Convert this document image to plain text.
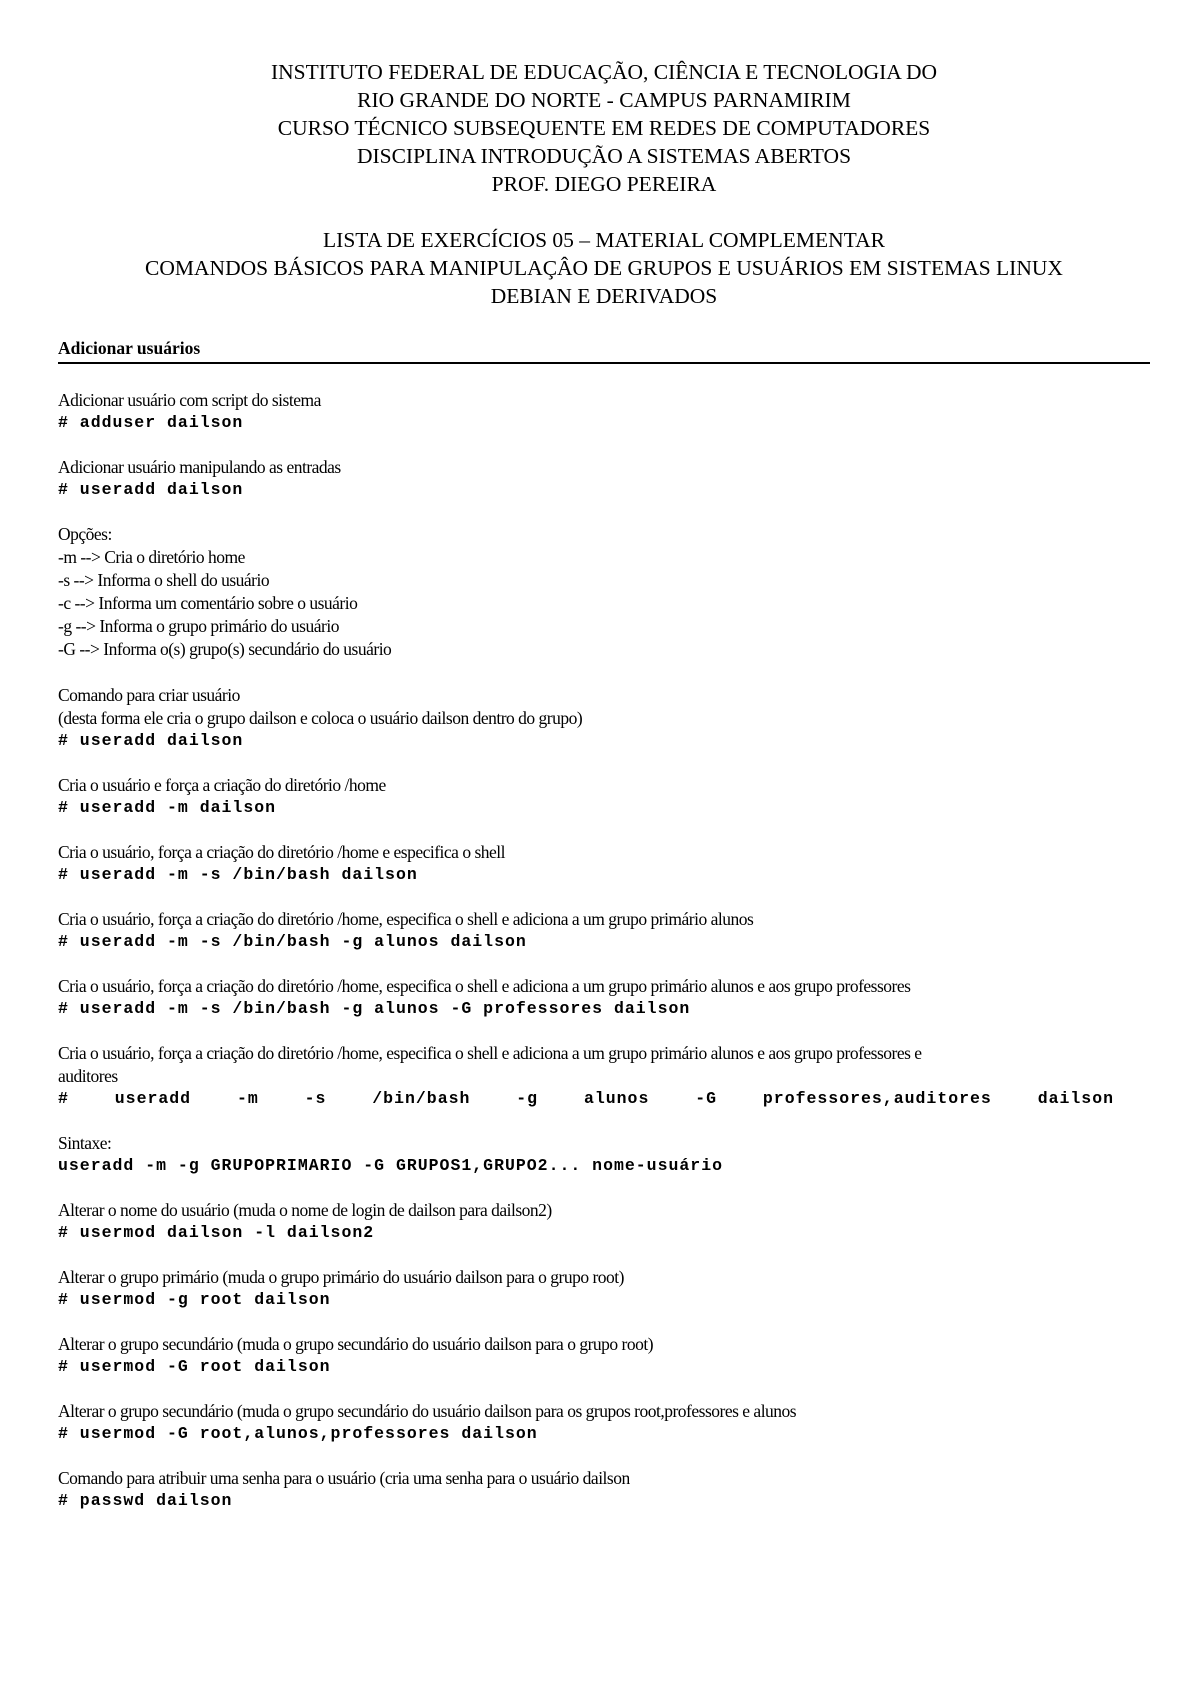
INSTITUTO FEDERAL DE EDUCAÇÃO, CIÊNCIA E TECNOLOGIA DO
RIO GRANDE DO NORTE - CAMPUS PARNAMIRIM
CURSO TÉCNICO SUBSEQUENTE EM REDES DE COMPUTADORES
DISCIPLINA INTRODUÇÃO A SISTEMAS ABERTOS
PROF. DIEGO PEREIRA
LISTA DE EXERCÍCIOS 05 – MATERIAL COMPLEMENTAR
COMANDOS BÁSICOS PARA MANIPULAÇÂO DE GRUPOS E USUÁRIOS EM SISTEMAS LINUX
DEBIAN E DERIVADOS
Adicionar usuários
Adicionar usuário com script do sistema
# adduser dailson
Adicionar usuário manipulando as entradas
# useradd dailson
Opções:
-m --> Cria o diretório home
-s --> Informa o shell do usuário
-c --> Informa um comentário sobre o usuário
-g --> Informa o grupo primário do usuário
-G --> Informa o(s) grupo(s) secundário do usuário
Comando para criar usuário
(desta forma ele cria o grupo dailson e coloca o usuário dailson dentro do grupo)
# useradd dailson
Cria o usuário e força a criação do diretório /home
# useradd -m dailson
Cria o usuário, força a criação do diretório /home e especifica o shell
# useradd -m -s /bin/bash dailson
Cria o usuário, força a criação do diretório /home, especifica o shell e adiciona a um grupo primário alunos
# useradd -m -s /bin/bash -g alunos dailson
Cria o usuário, força a criação do diretório /home, especifica o shell e adiciona a um grupo primário alunos e aos grupo professores
# useradd -m -s /bin/bash -g alunos -G professores dailson
Cria o usuário, força a criação do diretório /home, especifica o shell e adiciona a um grupo primário alunos e aos grupo professores e
auditores
#	useradd	-m	-s	/bin/bash	-g	alunos	-G	professores,auditores	dailson
Sintaxe:
useradd -m -g GRUPOPRIMARIO -G GRUPOS1,GRUPO2... nome-usuário
Alterar o nome do usuário (muda o nome de login de dailson para dailson2)
# usermod dailson -l dailson2
Alterar o grupo primário (muda o grupo primário do usuário dailson para o grupo root)
# usermod -g root dailson
Alterar o grupo secundário (muda o grupo secundário do usuário dailson para o grupo root)
# usermod -G root dailson
Alterar o grupo secundário (muda o grupo secundário do usuário dailson para os grupos root,professores e alunos
# usermod -G root,alunos,professores dailson
Comando para atribuir uma senha para o usuário (cria uma senha para o usuário dailson
# passwd dailson
